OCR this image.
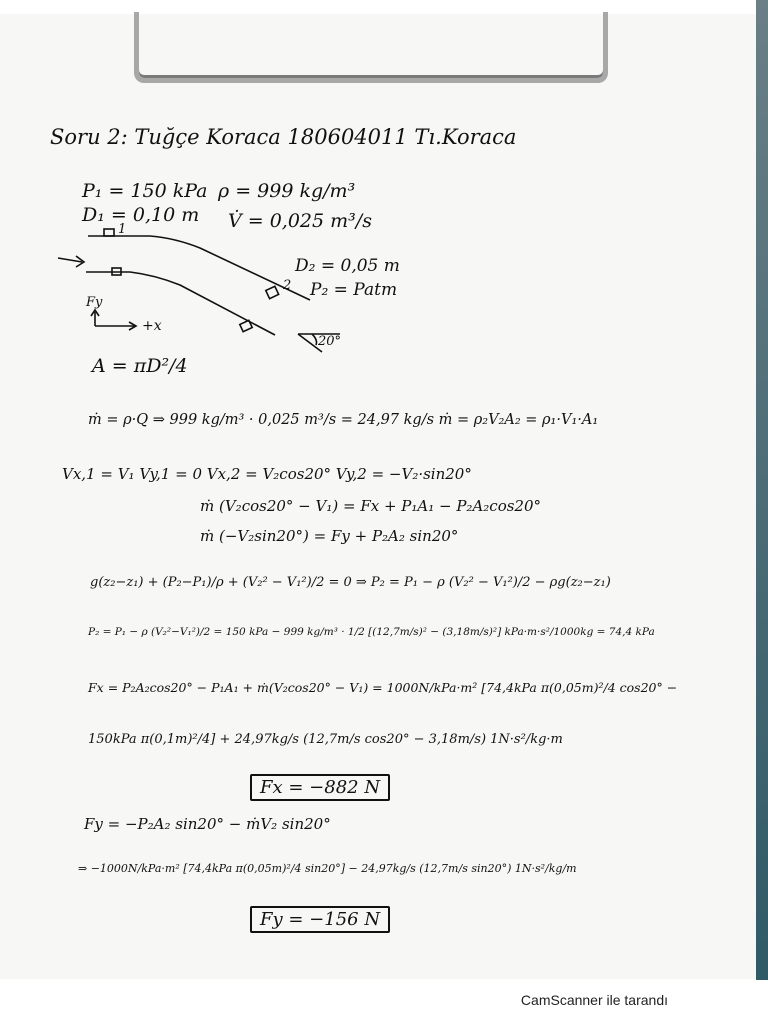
Soru 2: Tuğçe Koraca 180604011 Tı.Koraca
P₁ = 150 kPa ρ = 999 kg/m³
D₁ = 0,10 m V̇ = 0,025 m³/s
1
2
D₂ = 0,05 m
P₂ = Patm
Fy
+x
20°
A = πD²/4
ṁ = ρ·Q ⇒ 999 kg/m³ · 0,025 m³/s = 24,97 kg/s ṁ = ρ₂V₂A₂ = ρ₁·V₁·A₁
Vx,1 = V₁ Vy,1 = 0 Vx,2 = V₂cos20° Vy,2 = −V₂·sin20°
ṁ (V₂cos20° − V₁) = Fx + P₁A₁ − P₂A₂cos20°
ṁ (−V₂sin20°) = Fy + P₂A₂ sin20°
g(z₂−z₁) + (P₂−P₁)/ρ + (V₂² − V₁²)/2 = 0 ⇒ P₂ = P₁ − ρ (V₂² − V₁²)/2 − ρg(z₂−z₁)
P₂ = P₁ − ρ (V₂²−V₁²)/2 = 150 kPa − 999 kg/m³ · 1/2 [(12,7m/s)² − (3,18m/s)²] kPa·m·s²/1000kg = 74,4 kPa
Fx = P₂A₂cos20° − P₁A₁ + ṁ(V₂cos20° − V₁) = 1000N/kPa·m² [74,4kPa π(0,05m)²/4 cos20° −
150kPa π(0,1m)²/4] + 24,97kg/s (12,7m/s cos20° − 3,18m/s) 1N·s²/kg·m
Fx = −882 N
Fy = −P₂A₂ sin20° − ṁV₂ sin20°
⇒ −1000N/kPa·m² [74,4kPa π(0,05m)²/4 sin20°] − 24,97kg/s (12,7m/s sin20°) 1N·s²/kg/m
Fy = −156 N
CamScanner ile tarandı
